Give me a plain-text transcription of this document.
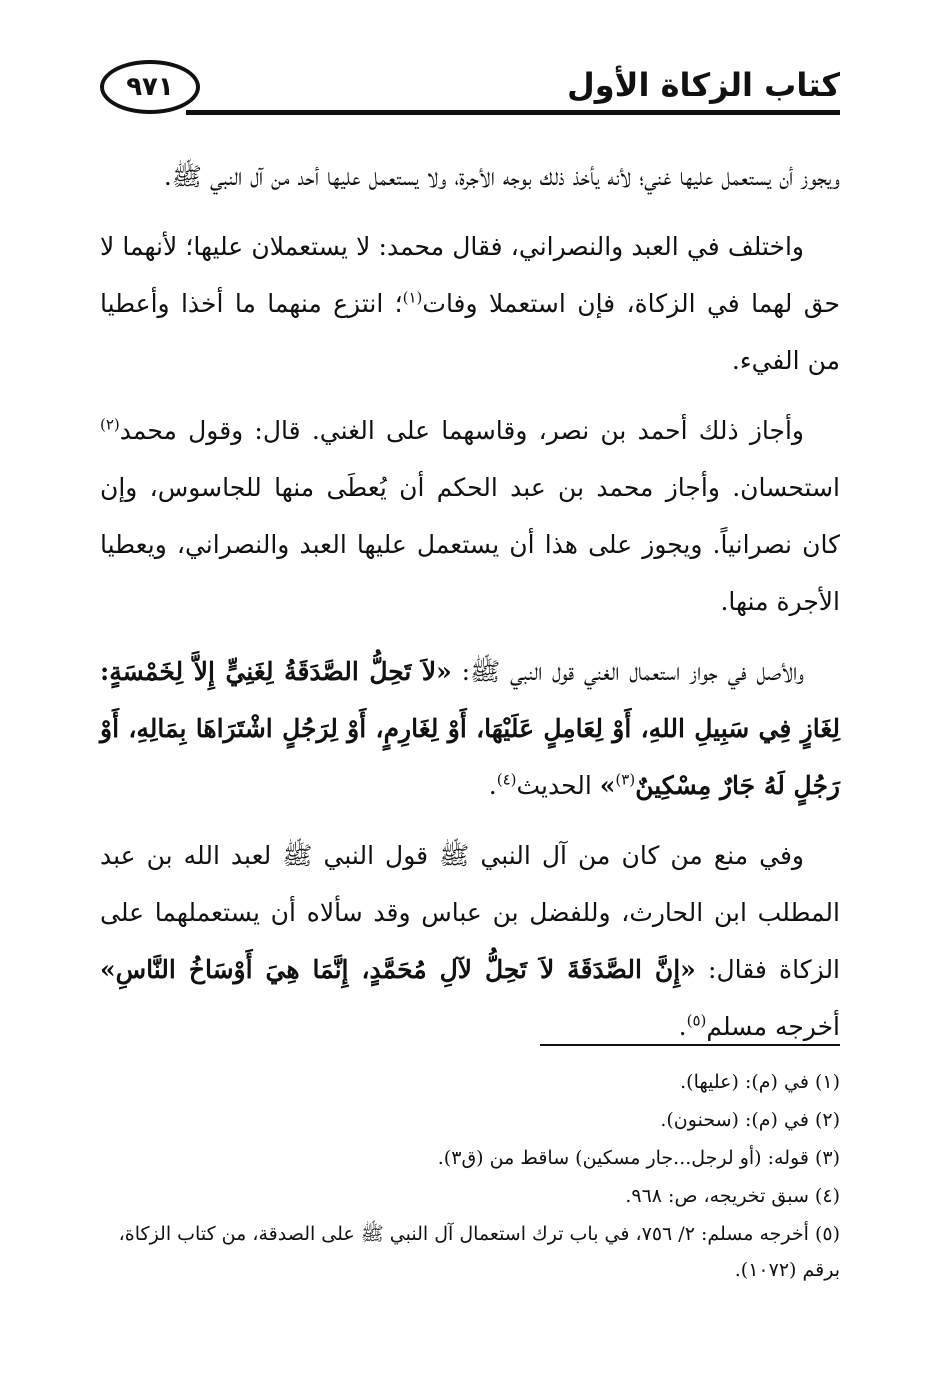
٩٧١	كتاب الزكاة الأول

ويجوز أن يستعمل عليها غني؛ لأنه يأخذ ذلك بوجه الأجرة، ولا يستعمل عليها أحد من آل النبي ﷺ.

واختلف في العبد والنصراني، فقال محمد: لا يستعملان عليها؛ لأنهما لا حق لهما في الزكاة، فإن استعملا وفات$^{(١)}$؛ انتزع منهما ما أخذا وأعطيا من الفيء.

وأجاز ذلك أحمد بن نصر، وقاسهما على الغني. قال: وقول محمد$^{(٢)}$ استحسان. وأجاز محمد بن عبد الحكم أن يُعطَى منها للجاسوس، وإن كان نصرانياً. ويجوز على هذا أن يستعمل عليها العبد والنصراني، ويعطيا الأجرة منها.

والأصل في جواز استعمال الغني قول النبي ﷺ: «لاَ تَحِلُّ الصَّدَقَةُ لِغَنِيٍّ إِلاَّ لِخَمْسَةٍ: لِغَازٍ فِي سَبِيلِ اللهِ، أَوْ لِعَامِلٍ عَلَيْهَا، أَوْ لِغَارِمٍ، أَوْ لِرَجُلٍ اشْتَرَاهَا بِمَالِهِ، أَوْ رَجُلٍ لَهُ جَارٌ مِسْكِينٌ$^{(٣)}$» الحديث$^{(٤)}$.

وفي منع من كان من آل النبي ﷺ قول النبي ﷺ لعبد الله بن عبد المطلب ابن الحارث، وللفضل بن عباس وقد سألاه أن يستعملهما على الزكاة فقال: «إِنَّ الصَّدَقَةَ لاَ تَحِلُّ لآلِ مُحَمَّدٍ، إِنَّمَا هِيَ أَوْسَاخُ النَّاسِ» أخرجه مسلم$^{(٥)}$.

(١) في (م): (عليها).

(٢) في (م): (سحنون).

(٣) قوله: (أو لرجل...جار مسكين) ساقط من (ق٣).

(٤) سبق تخريجه، ص: ٩٦٨.

(٥) أخرجه مسلم: ٢/ ٧٥٦، في باب ترك استعمال آل النبي ﷺ على الصدقة، من كتاب الزكاة، برقم (١٠٧٢).
